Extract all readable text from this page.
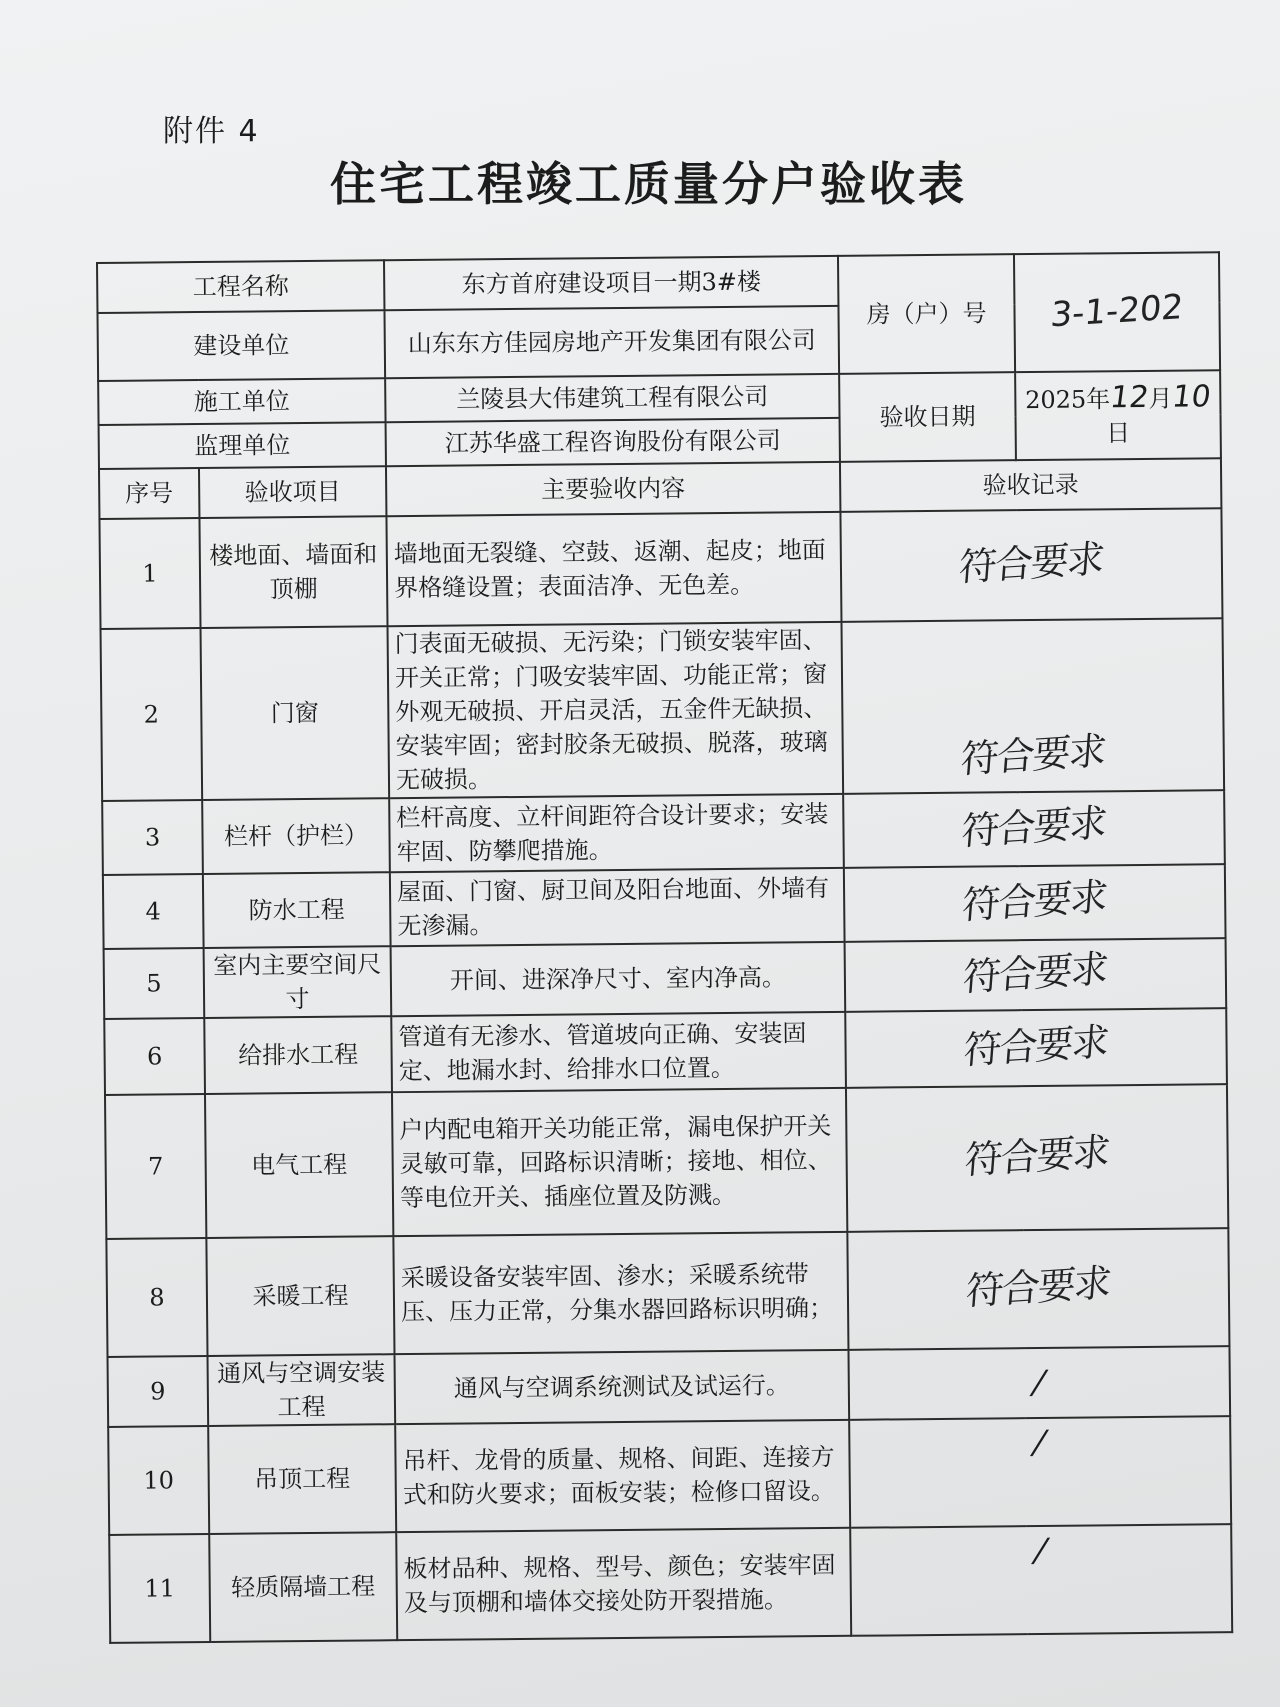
附件 4
住宅工程竣工质量分户验收表
工程名称		东方首府建设项目一期3#楼	房（户）号	3-1-202
建设单位		山东东方佳园房地产开发集团有限公司		
施工单位		兰陵县大伟建筑工程有限公司	验收日期	2025年12月10日
监理单位		江苏华盛工程咨询股份有限公司		
序号	验收项目	主要验收内容	验收记录	
1	楼地面、墙面和顶棚	墙地面无裂缝、空鼓、返潮、起皮；地面界格缝设置；表面洁净、无色差。	符合要求	
2	门窗	门表面无破损、无污染；门锁安装牢固、开关正常；门吸安装牢固、功能正常；窗外观无破损、开启灵活，五金件无缺损、 安装牢固；密封胶条无破损、脱落，玻璃无破损。	符合要求	
3	栏杆（护栏）	栏杆高度、立杆间距符合设计要求；安装牢固、防攀爬措施。	符合要求	
4	防水工程	屋面、门窗、厨卫间及阳台地面、外墙有无渗漏。	符合要求	
5	室内主要空间尺寸	开间、进深净尺寸、室内净高。	符合要求	
6	给排水工程	管道有无渗水、管道坡向正确、安装固定、地漏水封、给排水口位置。	符合要求	
7	电气工程	户内配电箱开关功能正常，漏电保护开关灵敏可靠，回路标识清晰；接地、相位、等电位开关、插座位置及防溅。	符合要求	
8	采暖工程	采暖设备安装牢固、渗水；采暖系统带压、压力正常，分集水器回路标识明确；	符合要求	
9	通风与空调安装工程	通风与空调系统测试及试运行。	/	
10	吊顶工程	吊杆、龙骨的质量、规格、间距、连接方式和防火要求；面板安装；检修口留设。	/	
11	轻质隔墙工程	板材品种、规格、型号、颜色；安装牢固及与顶棚和墙体交接处防开裂措施。	/	
